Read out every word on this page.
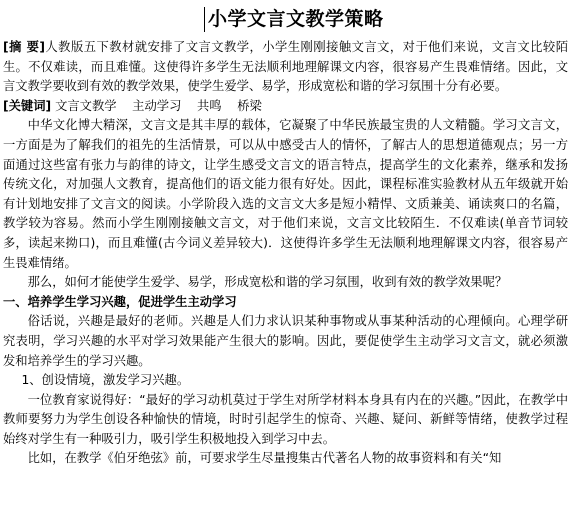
小学文言文教学策略

[摘 要]人教版五下教材就安排了文言文教学，小学生刚刚接触文言文，对于他们来说，文言文比较陌生。不仅难读，而且难懂。这使得许多学生无法顺利地理解课文内容，很容易产生畏难情绪。因此，文言文教学要收到有效的教学效果，使学生爱学、易学，形成宽松和谐的学习氛围十分有必要。

[关键词] 文言文教学    主动学习    共鸣    桥梁

中华文化博大精深，文言文是其丰厚的载体，它凝聚了中华民族最宝贵的人文精髓。学习文言文，一方面是为了解我们的祖先的生活情景，可以从中感受古人的情怀，了解古人的思想道德观点；另一方面通过这些富有张力与韵律的诗文，让学生感受文言文的语言特点，提高学生的文化素养，继承和发扬传统文化，对加强人文教育，提高他们的语文能力很有好处。因此，课程标准实验教材从五年级就开始有计划地安排了文言文的阅读。小学阶段入选的文言文大多是短小精悍、文质兼美、诵读爽口的名篇，教学较为容易。然而小学生刚刚接触文言文，对于他们来说，文言文比较陌生．不仅难读(单音节词较多，读起来拗口)，而且难懂(古今词义差异较大)．这使得许多学生无法顺利地理解课文内容，很容易产生畏难情绪。

那么，如何才能使学生爱学、易学，形成宽松和谐的学习氛围，收到有效的教学效果呢？

一、培养学生学习兴趣，促进学生主动学习

俗话说，兴趣是最好的老师。兴趣是人们力求认识某种事物或从事某种活动的心理倾向。心理学研究表明，学习兴趣的水平对学习效果能产生很大的影响。因此，要促使学生主动学习文言文，就必须激发和培养学生的学习兴趣。

1、创设情境，激发学习兴趣。

一位教育家说得好：“最好的学习动机莫过于学生对所学材料本身具有内在的兴趣。”因此，在教学中教师要努力为学生创设各种愉快的情境，时时引起学生的惊奇、兴趣、疑问、新鲜等情绪，使教学过程始终对学生有一种吸引力，吸引学生积极地投入到学习中去。

比如，在教学《伯牙绝弦》前，可要求学生尽量搜集古代著名人物的故事资料和有关“知
